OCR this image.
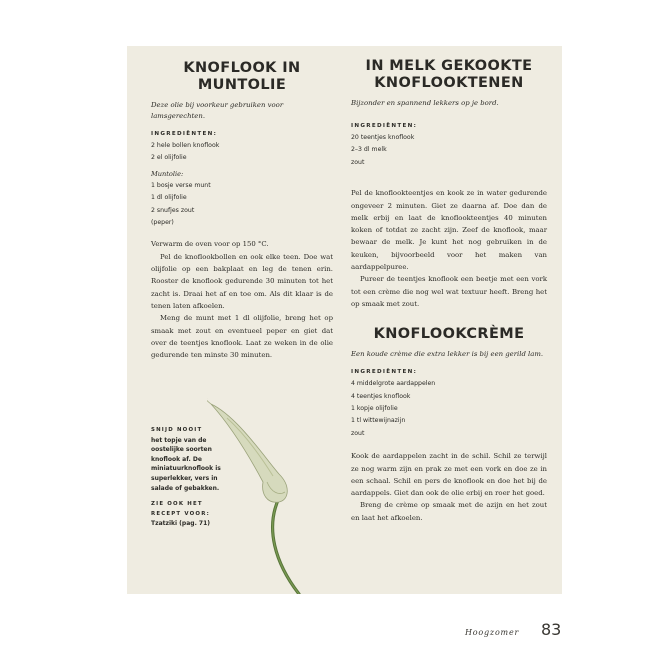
KNOFLOOK IN MUNTOLIE

Deze olie bij voorkeur gebruiken voor lamsgerechten.

INGREDIËNTEN:
2 hele bollen knoflook
2 el olijfolie

Muntolie:

1 bosje verse munt
1 dl olijfolie
2 snufjes zout
(peper)

Verwarm de oven voor op 150 °C.

Pel de knoflookbollen en ook elke teen. Doe wat olijfolie op een bakplaat en leg de tenen erin. Rooster de knoflook gedurende 30 minuten tot het zacht is. Draai het af en toe om. Als dit klaar is de tenen laten afkoelen.

Meng de munt met 1 dl olijfolie, breng het op smaak met zout en eventueel peper en giet dat over de teentjes knoflook. Laat ze weken in de olie gedurende ten minste 30 minuten.

SNIJD NOOIT
het topje van de oostelijke soorten knoflook af. De miniatuurknoflook is superlekker, vers in salade of gebakken.
ZIE OOK HET RECEPT VOOR:
Tzatziki (pag. 71)
IN MELK GEKOOKTE
KNOFLOOKTENEN

Bijzonder en spannend lekkers op je bord.

INGREDIËNTEN:
20 teentjes knoflook
2–3 dl melk
zout

Pel de knoflookteentjes en kook ze in water gedurende ongeveer 2 minuten. Giet ze daarna af. Doe dan de melk erbij en laat de knoflookteentjes 40 minuten koken of totdat ze zacht zijn. Zeef de knoflook, maar bewaar de melk. Je kunt het nog gebruiken in de keuken, bijvoorbeeld voor het maken van aardappelpuree.

Pureer de teentjes knoflook een beetje met een vork tot een crème die nog wel wat textuur heeft. Breng het op smaak met zout.

KNOFLOOKCRÈME

Een koude crème die extra lekker is bij een gerild lam.

INGREDIËNTEN:
4 middelgrote aardappelen
4 teentjes knoflook
1 kopje olijfolie
1 tl wittewijnazijn
zout

Kook de aardappelen zacht in de schil. Schil ze terwijl ze nog warm zijn en prak ze met een vork en doe ze in een schaal. Schil en pers de knoflook en doe het bij de aardappels. Giet dan ook de olie erbij en roer het goed.

Breng de crème op smaak met de azijn en het zout en laat het afkoelen.

Hoogzomer 83
